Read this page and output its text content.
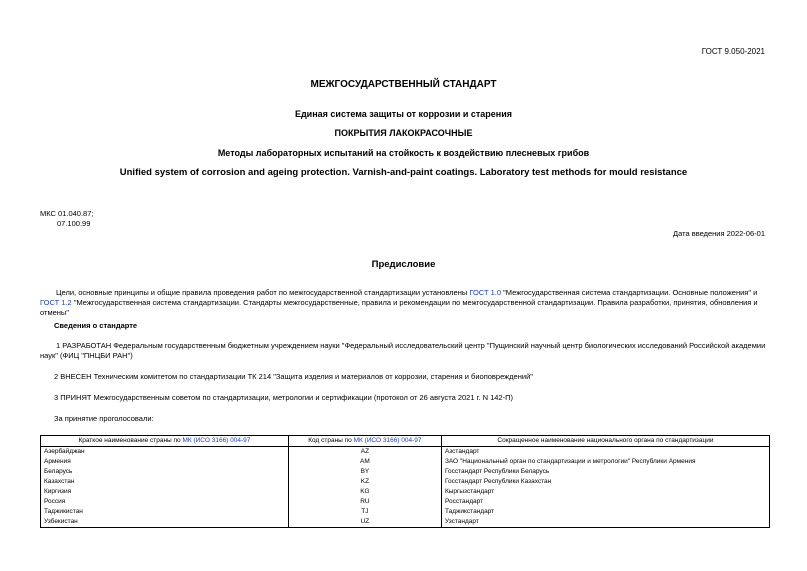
ГОСТ 9.050-2021
МЕЖГОСУДАРСТВЕННЫЙ СТАНДАРТ
Единая система защиты от коррозии и старения
ПОКРЫТИЯ ЛАКОКРАСОЧНЫЕ
Методы лабораторных испытаний на стойкость к воздействию плесневых грибов
Unified system of corrosion and ageing protection. Varnish-and-paint coatings. Laboratory test methods for mould resistance
МКС 01.040.87;
07.100.99
Дата введения 2022-06-01
Предисловие
Цели, основные принципы и общие правила проведения работ по межгосударственной стандартизации установлены ГОСТ 1.0 "Межгосударственная система стандартизации. Основные положения" и ГОСТ 1.2 "Межгосударственная система стандартизации. Стандарты межгосударственные, правила и рекомендации по межгосударственной стандартизации. Правила разработки, принятия, обновления и отмены"
Сведения о стандарте
1 РАЗРАБОТАН Федеральным государственным бюджетным учреждением науки "Федеральный исследовательский центр "Пущинский научный центр биологических исследований Российской академии наук" (ФИЦ "ПНЦБИ РАН")
2 ВНЕСЕН Техническим комитетом по стандартизации ТК 214 "Защита изделия и материалов от коррозии, старения и биоповреждений"
3 ПРИНЯТ Межгосударственным советом по стандартизации, метрологии и сертификации (протокол от 26 августа 2021 г. N 142-П)
За принятие проголосовали:
Краткое наименование страны по МК (ИСО 3166) 004-97	Код страны по МК (ИСО 3166) 004-97	Сокращенное наименование национального органа по стандартизации
Азербайджан	AZ	Азстандарт
Армения	AM	ЗАО "Национальный орган по стандартизации и метрологии" Республики Армения
Беларусь	BY	Госстандарт Республики Беларусь
Казахстан	KZ	Госстандарт Республики Казахстан
Киргизия	KG	Кыргызстандарт
Россия	RU	Росстандарт
Таджикистан	TJ	Таджикстандарт
Узбекистан	UZ	Узстандарт
